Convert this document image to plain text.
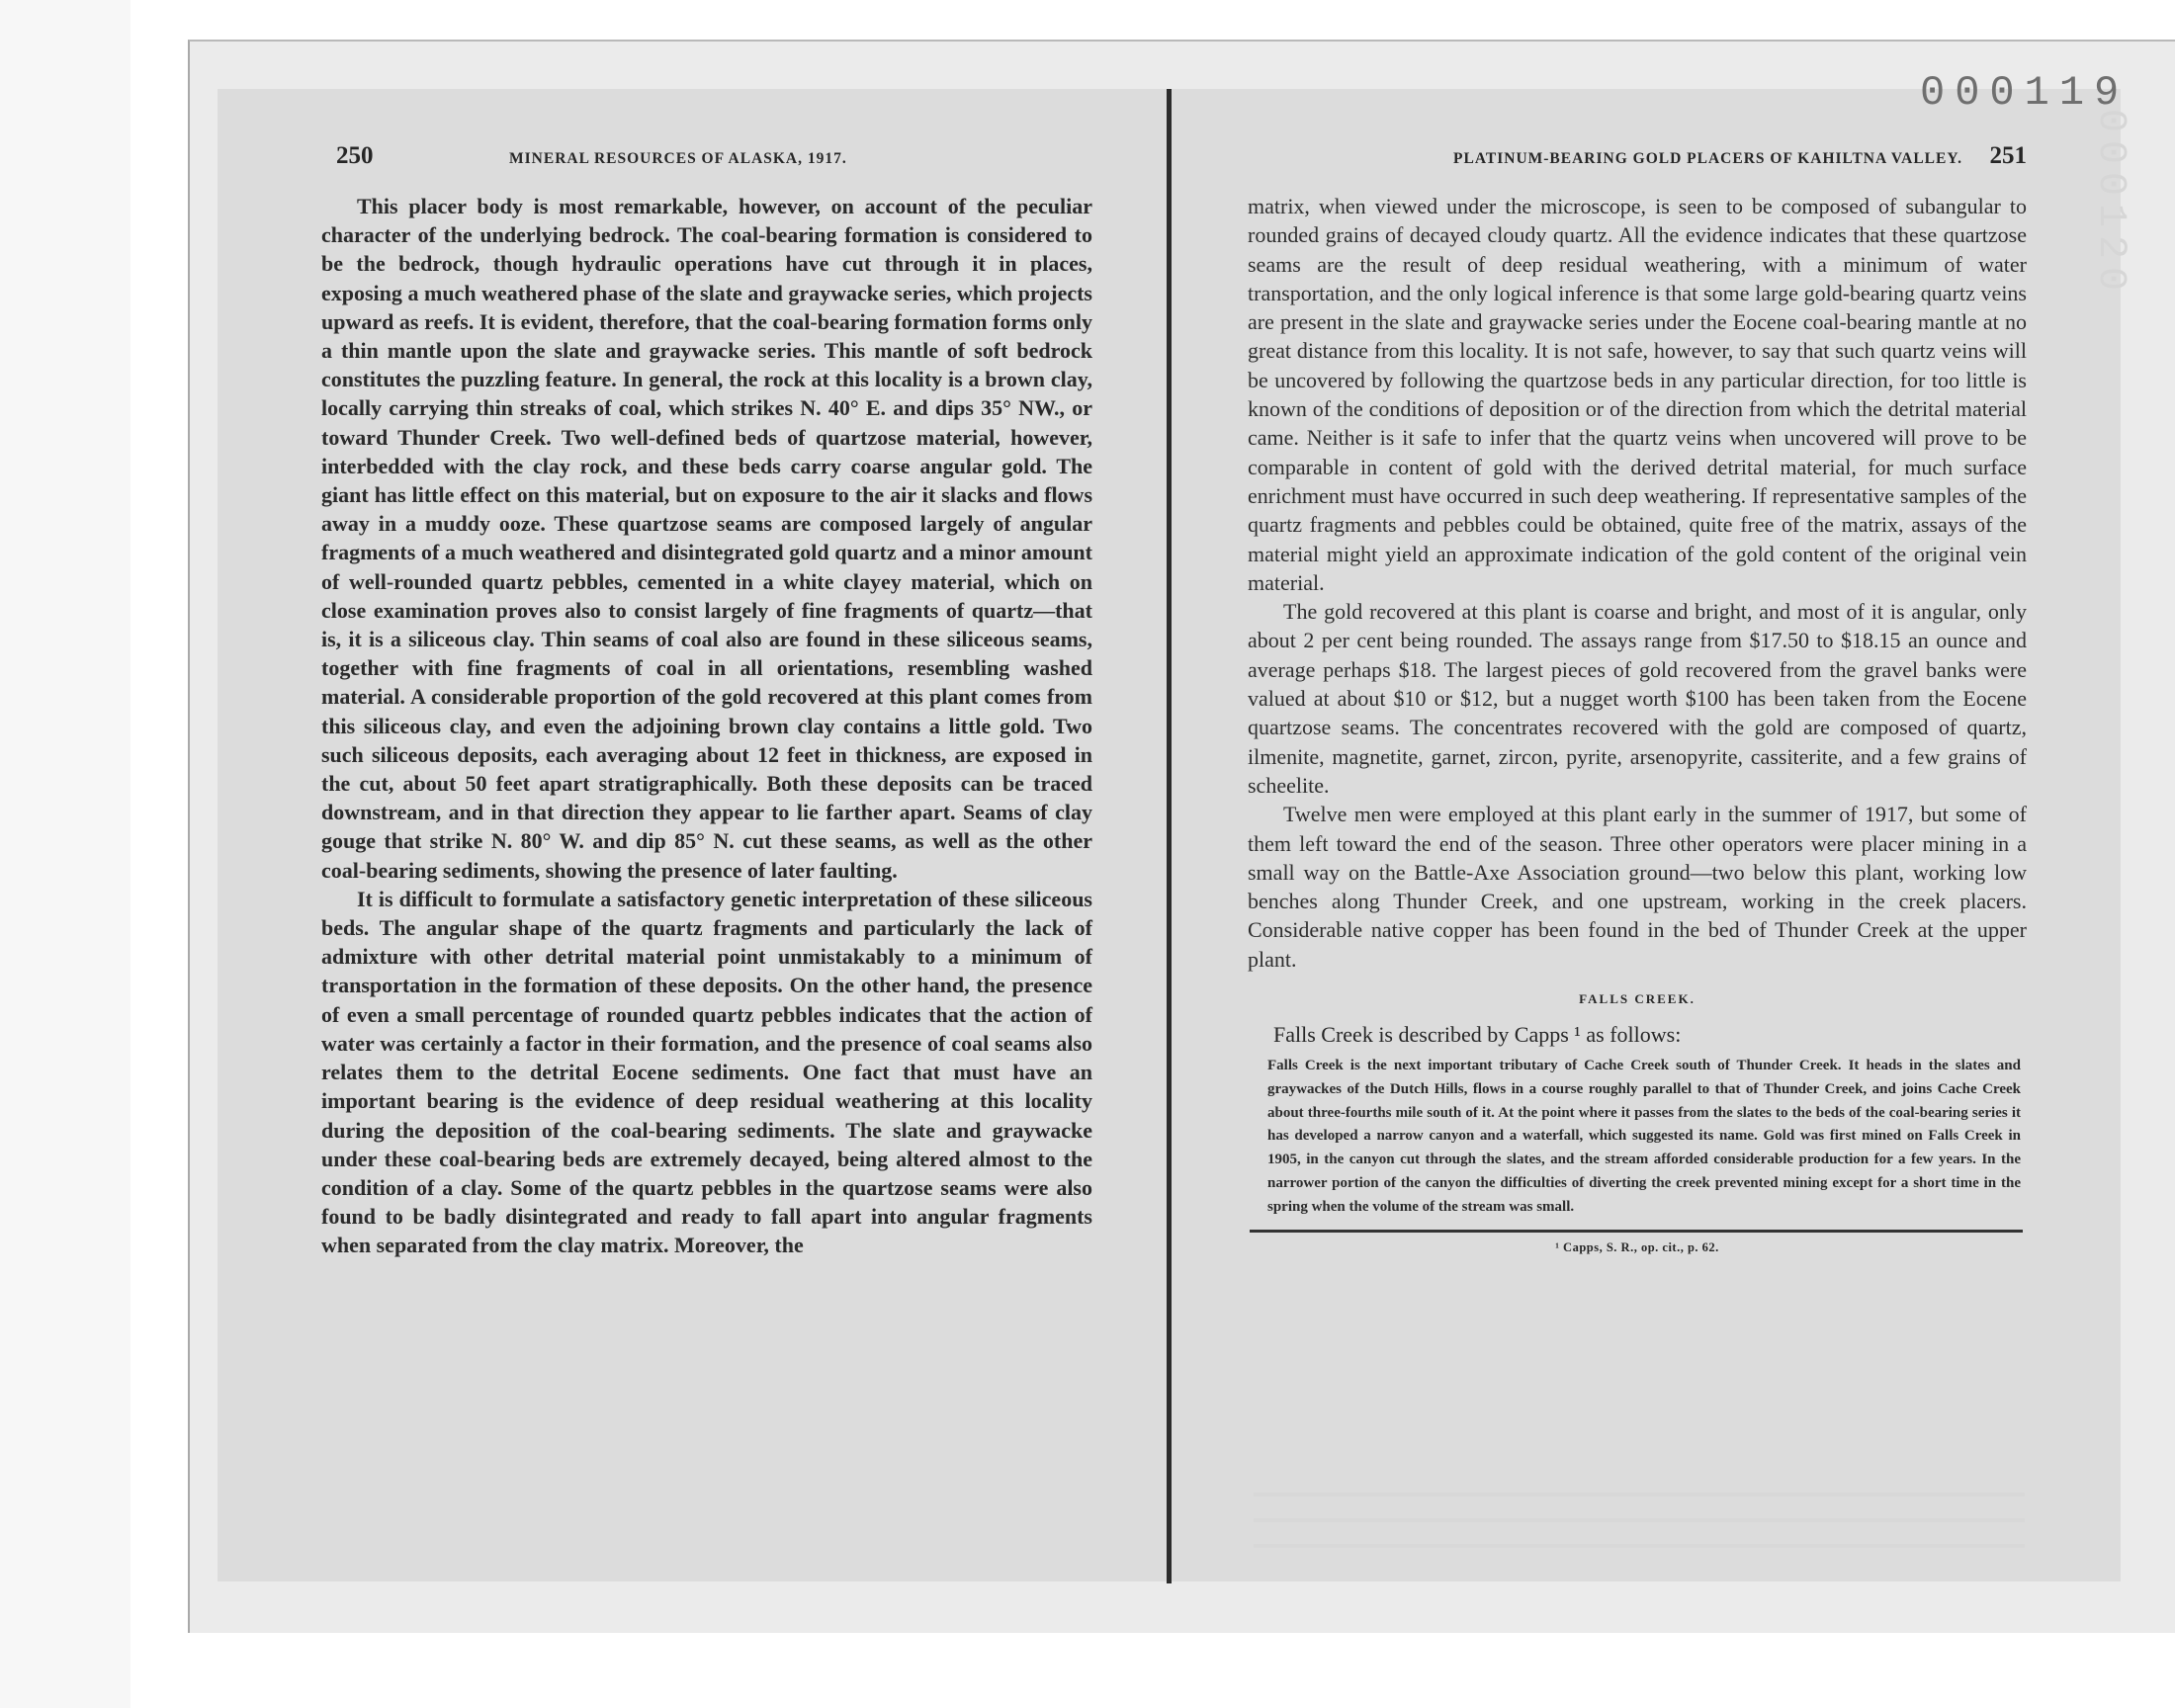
000119
000120
250	MINERAL RESOURCES OF ALASKA, 1917.

This placer body is most remarkable, however, on account of the peculiar character of the underlying bedrock. The coal-bearing formation is considered to be the bedrock, though hydraulic operations have cut through it in places, exposing a much weathered phase of the slate and graywacke series, which projects upward as reefs. It is evident, therefore, that the coal-bearing formation forms only a thin mantle upon the slate and graywacke series. This mantle of soft bedrock constitutes the puzzling feature. In general, the rock at this locality is a brown clay, locally carrying thin streaks of coal, which strikes N. 40° E. and dips 35° NW., or toward Thunder Creek. Two well-defined beds of quartzose material, however, interbedded with the clay rock, and these beds carry coarse angular gold. The giant has little effect on this material, but on exposure to the air it slacks and flows away in a muddy ooze. These quartzose seams are composed largely of angular fragments of a much weathered and disintegrated gold quartz and a minor amount of well-rounded quartz pebbles, cemented in a white clayey material, which on close examination proves also to consist largely of fine fragments of quartz—that is, it is a siliceous clay. Thin seams of coal also are found in these siliceous seams, together with fine fragments of coal in all orientations, resembling washed material. A considerable proportion of the gold recovered at this plant comes from this siliceous clay, and even the adjoining brown clay contains a little gold. Two such siliceous deposits, each averaging about 12 feet in thickness, are exposed in the cut, about 50 feet apart stratigraphically. Both these deposits can be traced downstream, and in that direction they appear to lie farther apart. Seams of clay gouge that strike N. 80° W. and dip 85° N. cut these seams, as well as the other coal-bearing sediments, showing the presence of later faulting.

It is difficult to formulate a satisfactory genetic interpretation of these siliceous beds. The angular shape of the quartz fragments and particularly the lack of admixture with other detrital material point unmistakably to a minimum of transportation in the formation of these deposits. On the other hand, the presence of even a small percentage of rounded quartz pebbles indicates that the action of water was certainly a factor in their formation, and the presence of coal seams also relates them to the detrital Eocene sediments. One fact that must have an important bearing is the evidence of deep residual weathering at this locality during the deposition of the coal-bearing sediments. The slate and graywacke under these coal-bearing beds are extremely decayed, being altered almost to the condition of a clay. Some of the quartz pebbles in the quartzose seams were also found to be badly disintegrated and ready to fall apart into angular fragments when separated from the clay matrix. Moreover, the

PLATINUM-BEARING GOLD PLACERS OF KAHILTNA VALLEY. 251

matrix, when viewed under the microscope, is seen to be composed of subangular to rounded grains of decayed cloudy quartz. All the evidence indicates that these quartzose seams are the result of deep residual weathering, with a minimum of water transportation, and the only logical inference is that some large gold-bearing quartz veins are present in the slate and graywacke series under the Eocene coal-bearing mantle at no great distance from this locality. It is not safe, however, to say that such quartz veins will be uncovered by following the quartzose beds in any particular direction, for too little is known of the conditions of deposition or of the direction from which the detrital material came. Neither is it safe to infer that the quartz veins when uncovered will prove to be comparable in content of gold with the derived detrital material, for much surface enrichment must have occurred in such deep weathering. If representative samples of the quartz fragments and pebbles could be obtained, quite free of the matrix, assays of the material might yield an approximate indication of the gold content of the original vein material.

The gold recovered at this plant is coarse and bright, and most of it is angular, only about 2 per cent being rounded. The assays range from $17.50 to $18.15 an ounce and average perhaps $18. The largest pieces of gold recovered from the gravel banks were valued at about $10 or $12, but a nugget worth $100 has been taken from the Eocene quartzose seams. The concentrates recovered with the gold are composed of quartz, ilmenite, magnetite, garnet, zircon, pyrite, arsenopyrite, cassiterite, and a few grains of scheelite.

Twelve men were employed at this plant early in the summer of 1917, but some of them left toward the end of the season. Three other operators were placer mining in a small way on the Battle-Axe Association ground—two below this plant, working low benches along Thunder Creek, and one upstream, working in the creek placers. Considerable native copper has been found in the bed of Thunder Creek at the upper plant.

FALLS CREEK.

Falls Creek is described by Capps ¹ as follows:

Falls Creek is the next important tributary of Cache Creek south of Thunder Creek. It heads in the slates and graywackes of the Dutch Hills, flows in a course roughly parallel to that of Thunder Creek, and joins Cache Creek about three-fourths mile south of it. At the point where it passes from the slates to the beds of the coal-bearing series it has developed a narrow canyon and a waterfall, which suggested its name. Gold was first mined on Falls Creek in 1905, in the canyon cut through the slates, and the stream afforded considerable production for a few years. In the narrower portion of the canyon the difficulties of diverting the creek prevented mining except for a short time in the spring when the volume of the stream was small.

¹ Capps, S. R., op. cit., p. 62.
